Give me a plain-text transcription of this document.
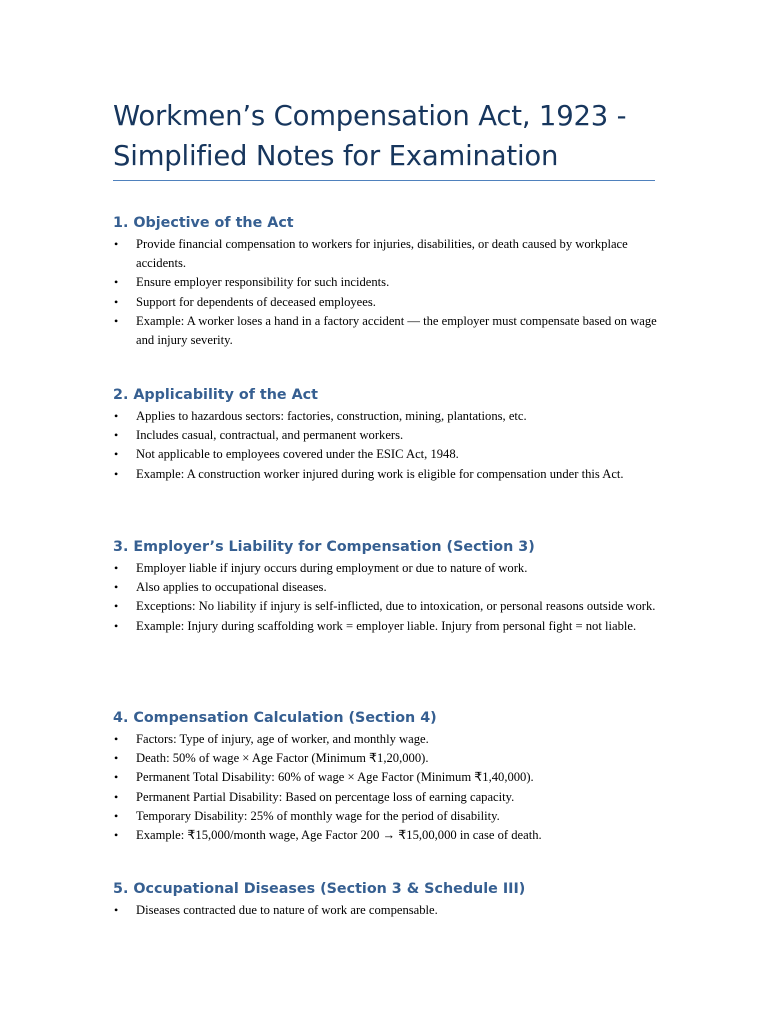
Workmen’s Compensation Act, 1923 -
Simplified Notes for Examination
1. Objective of the Act
• Provide financial compensation to workers for injuries, disabilities, or death caused by workplace accidents.
• Ensure employer responsibility for such incidents.
• Support for dependents of deceased employees.
• Example: A worker loses a hand in a factory accident — the employer must compensate based on wage and injury severity.
2. Applicability of the Act
• Applies to hazardous sectors: factories, construction, mining, plantations, etc.
• Includes casual, contractual, and permanent workers.
• Not applicable to employees covered under the ESIC Act, 1948.
• Example: A construction worker injured during work is eligible for compensation under this Act.
3. Employer’s Liability for Compensation (Section 3)
• Employer liable if injury occurs during employment or due to nature of work.
• Also applies to occupational diseases.
• Exceptions: No liability if injury is self-inflicted, due to intoxication, or personal reasons outside work.
• Example: Injury during scaffolding work = employer liable. Injury from personal fight = not liable.
4. Compensation Calculation (Section 4)
• Factors: Type of injury, age of worker, and monthly wage.
• Death: 50% of wage × Age Factor (Minimum ₹1,20,000).
• Permanent Total Disability: 60% of wage × Age Factor (Minimum ₹1,40,000).
• Permanent Partial Disability: Based on percentage loss of earning capacity.
• Temporary Disability: 25% of monthly wage for the period of disability.
• Example: ₹15,000/month wage, Age Factor 200 → ₹15,00,000 in case of death.
5. Occupational Diseases (Section 3 & Schedule III)
• Diseases contracted due to nature of work are compensable.
